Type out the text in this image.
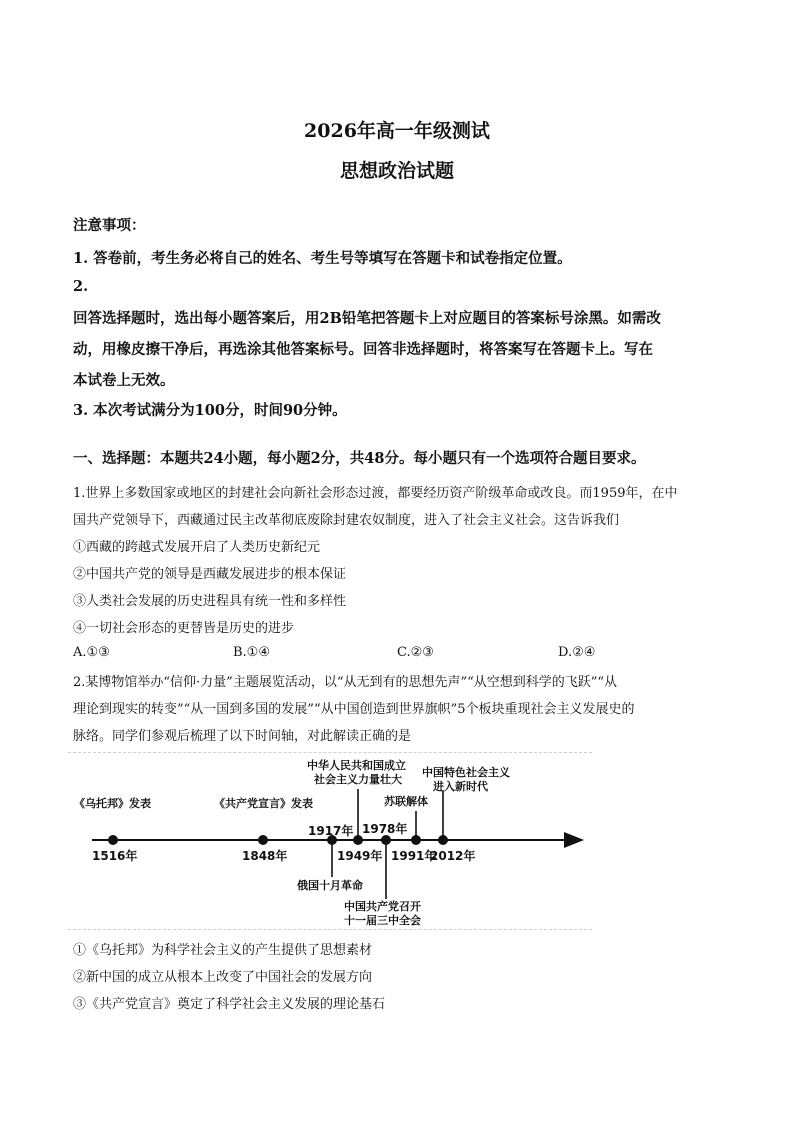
2026年高一年级测试
思想政治试题
注意事项：
1. 答卷前，考生务必将自己的姓名、考生号等填写在答题卡和试卷指定位置。
2.
回答选择题时，选出每小题答案后，用2B铅笔把答题卡上对应题目的答案标号涂黑。如需改
动，用橡皮擦干净后，再选涂其他答案标号。回答非选择题时，将答案写在答题卡上。写在
本试卷上无效。
3. 本次考试满分为100分，时间90分钟。
一、选择题：本题共24小题，每小题2分，共48分。每小题只有一个选项符合题目要求。
1.世界上多数国家或地区的封建社会向新社会形态过渡，都要经历资产阶级革命或改良。而1959年，在中
国共产党领导下，西藏通过民主改革彻底废除封建农奴制度，进入了社会主义社会。这告诉我们
①西藏的跨越式发展开启了人类历史新纪元
②中国共产党的领导是西藏发展进步的根本保证
③人类社会发展的历史进程具有统一性和多样性
④一切社会形态的更替皆是历史的进步
A.①③	B.①④	C.②③	D.②④
2.某博物馆举办“信仰·力量”主题展览活动，以“从无到有的思想先声”“从空想到科学的飞跃”“从
理论到现实的转变”“从一国到多国的发展”“从中国创造到世界旗帜”5个板块重现社会主义发展史的
脉络。同学们参观后梳理了以下时间轴，对此解读正确的是
1516年
《乌托邦》发表
1848年
《共产党宣言》发表
1917年
俄国十月革命
1949年
中华人民共和国成立
社会主义力量壮大
1978年
中国共产党召开
十一届三中全会
1991年
苏联解体
2012年
中国特色社会主义
进入新时代
①《乌托邦》为科学社会主义的产生提供了思想素材
②新中国的成立从根本上改变了中国社会的发展方向
③《共产党宣言》奠定了科学社会主义发展的理论基石
